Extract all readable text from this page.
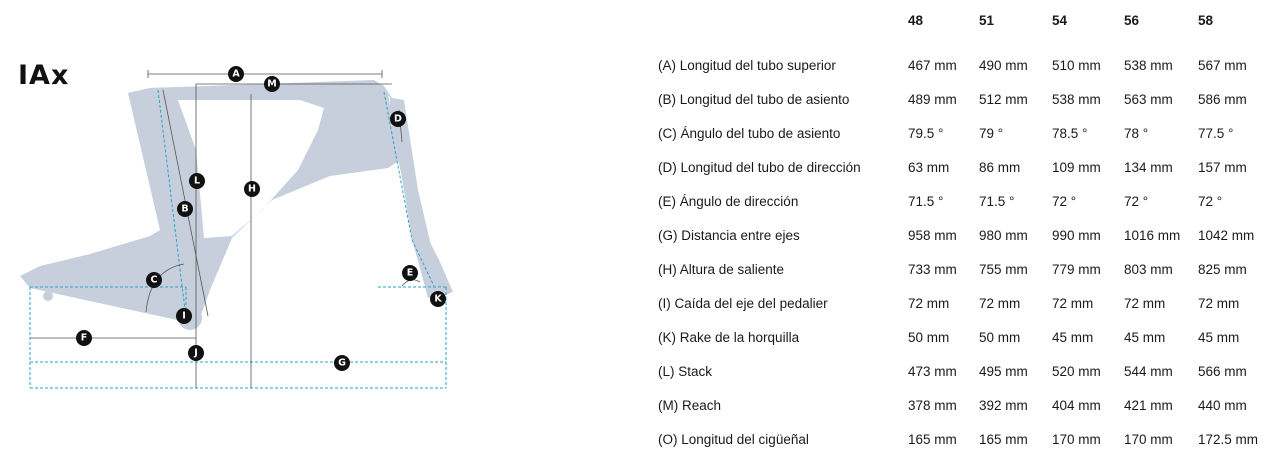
IAx	A
M
D
L
H
B
C
E
K
I
F
J
G
48	51	54	56	58
(A) Longitud del tubo superior	467 mm 490 mm 510 mm 538 mm 567 mm
(B) Longitud del tubo de asiento	489 mm 512 mm 538 mm 563 mm 586 mm
(C) Ángulo del tubo de asiento	79.5 °	79 °	78.5 °	78 °	77.5 °
(D) Longitud del tubo de dirección	63 mm 86 mm 109 mm 134 mm 157 mm
(E) Ángulo de dirección	71.5 °	71.5 °	72 °	72 °	72 °
(G) Distancia entre ejes	958 mm 980 mm 990 mm 1016 mm 1042 mm
(H) Altura de saliente	733 mm 755 mm 779 mm 803 mm 825 mm
(I) Caída del eje del pedalier	72 mm 72 mm 72 mm 72 mm 72 mm
(K) Rake de la horquilla	50 mm 50 mm 45 mm 45 mm 45 mm
(L) Stack	473 mm 495 mm 520 mm 544 mm 566 mm
(M) Reach	378 mm 392 mm 404 mm 421 mm 440 mm
(O) Longitud del cigüeñal	165 mm 165 mm 170 mm 170 mm 172.5 mm
